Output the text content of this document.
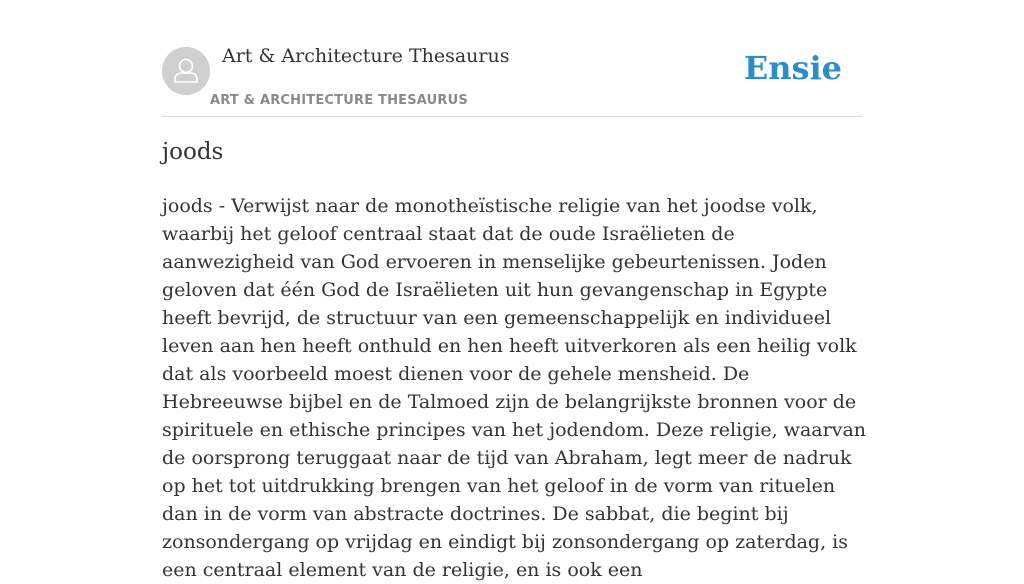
Art & Architecture Thesaurus
ART & ARCHITECTURE THESAURUS
Ensie
joods

joods - Verwijst naar de monotheïstische religie van het joodse volk, waarbij het geloof centraal staat dat de oude Israëlieten de aanwezigheid van God ervoeren in menselijke gebeurtenissen. Joden geloven dat één God de Israëlieten uit hun gevangenschap in Egypte heeft bevrijd, de structuur van een gemeenschappelijk en individueel leven aan hen heeft onthuld en hen heeft uitverkoren als een heilig volk dat als voorbeeld moest dienen voor de gehele mensheid. De Hebreeuwse bijbel en de Talmoed zijn de belangrijkste bronnen voor de spirituele en ethische principes van het jodendom. Deze religie, waarvan de oorsprong teruggaat naar de tijd van Abraham, legt meer de nadruk op het tot uitdrukking brengen van het geloof in de vorm van rituelen dan in de vorm van abstracte doctrines. De sabbat, die begint bij zonsondergang op vrijdag en eindigt bij zonsondergang op zaterdag, is een centraal element van de religie, en is ook een
